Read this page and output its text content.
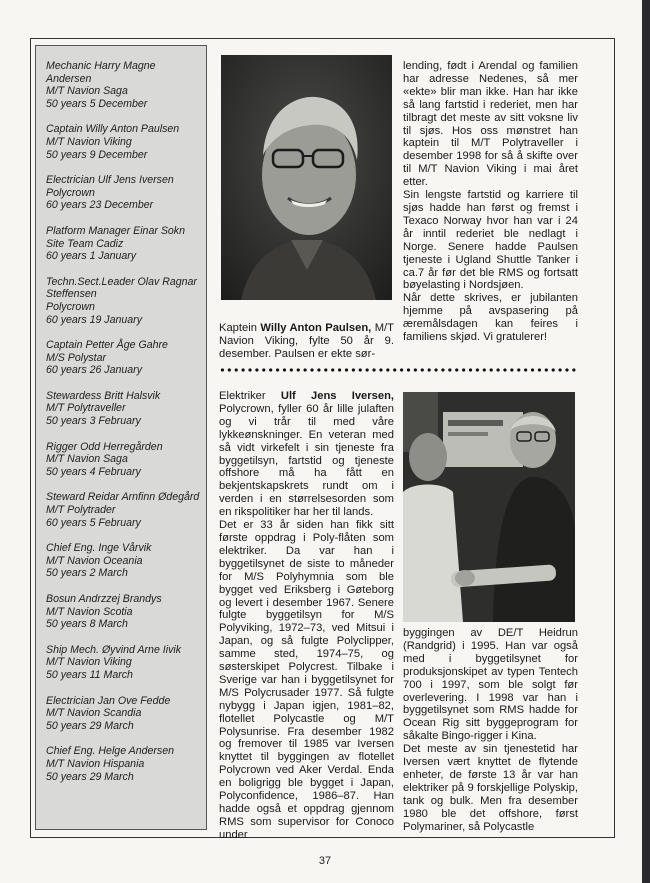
Mechanic Harry Magne
Andersen
M/T Navion Saga
50 years 5 December
Captain Willy Anton Paulsen
M/T Navion Viking
50 years 9 December
Electrician Ulf Jens Iversen
Polycrown
60 years 23 December
Platform Manager Einar Sokn
Site Team Cadiz
60 years 1 January
Techn.Sect.Leader Olav Ragnar
Steffensen
Polycrown
60 years 19 January
Captain Petter Åge Gahre
M/S Polystar
60 years 26 January
Stewardess Britt Halsvik
M/T Polytraveller
50 years 3 February
Rigger Odd Herregården
M/T Navion Saga
50 years 4 February
Steward Reidar Arnfinn Ødegård
M/T Polytrader
60 years 5 February
Chief Eng. Inge Vårvik
M/T Navion Oceania
50 years 2 March
Bosun Andrzzej Brandys
M/T Navion Scotia
50 years 8 March
Ship Mech. Øyvind Arne Iivik
M/T Navion Viking
50 years 11 March
Electrician Jan Ove Fedde
M/T Navion Scandia
50 years 29 March
Chief Eng. Helge Andersen
M/T Navion Hispania
50 years 29 March

Kaptein Willy Anton Paulsen, M/T Navion Viking, fylte 50 år 9. desember. Paulsen er ekte sør-

lending, født i Arendal og familien har adresse Nedenes, så mer «ekte» blir man ikke. Han har ikke så lang fartstid i rederiet, men har tilbragt det meste av sitt voksne liv til sjøs. Hos oss mønstret han kaptein til M/T Polytraveller i desember 1998 for så å skifte over til M/T Navion Viking i mai året etter.

Sin lengste fartstid og karriere til sjøs hadde han først og fremst i Texaco Norway hvor han var i 24 år inntil rederiet ble nedlagt i Norge. Senere hadde Paulsen tjeneste i Ugland Shuttle Tanker i ca.7 år før det ble RMS og fortsatt bøyelasting i Nordsjøen.

Når dette skrives, er jubilanten hjemme på avspasering på æremålsdagen kan feires i familiens skjød. Vi gratulerer!

Elektriker Ulf Jens Iversen, Polycrown, fyller 60 år lille julaften og vi trår til med våre lykkeønskninger. En veteran med så vidt virkefelt i sin tjeneste fra byggetilsyn, fartstid og tjeneste offshore må ha fått en bekjentskapskrets rundt om i verden i en størrelsesorden som en rikspolitiker har her til lands.

Det er 33 år siden han fikk sitt første oppdrag i Poly-flåten som elektriker. Da var han i byggetilsynet de siste to måneder for M/S Polyhymnia som ble bygget ved Eriksberg i Gøteborg og levert i desember 1967. Senere fulgte byggetilsyn for M/S Polyviking, 1972–73, ved Mitsui i Japan, og så fulgte Polyclipper, samme sted, 1974–75, og søsterskipet Polycrest. Tilbake i Sverige var han i byggetilsynet for M/S Polycrusader 1977. Så fulgte nybygg i Japan igjen, 1981–82, flotellet Polycastle og M/T Polysunrise. Fra desember 1982 og fremover til 1985 var Iversen knyttet til byggingen av flotellet Polycrown ved Aker Verdal. Enda en boligrigg ble bygget i Japan, Polyconfidence, 1986–87. Han hadde også et oppdrag gjennom RMS som supervisor for Conoco under

byggingen av DE/T Heidrun (Randgrid) i 1995. Han var også med i byggetilsynet for produksjonskipet av typen Tentech 700 i 1997, som ble solgt før overlevering. I 1998 var han i byggetilsynet som RMS hadde for Ocean Rig sitt byggeprogram for såkalte Bingo-rigger i Kina.

Det meste av sin tjenestetid har Iversen vært knyttet de flytende enheter, de første 13 år var han elektriker på 9 forskjellige Polyskip, tank og bulk. Men fra desember 1980 ble det offshore, først Polymariner, så Polycastle

37
